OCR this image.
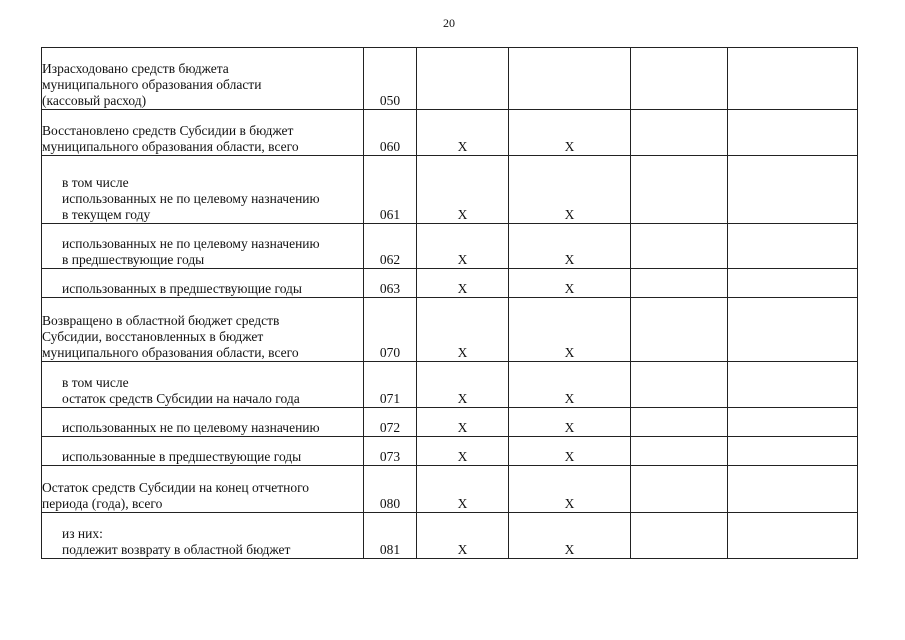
20
Израсходовано средств бюджета
муниципального образования области
(кассовый расход)	050				

Восстановлено средств Субсидии в бюджет
муниципального образования области, всего	060	Х	Х		

в том числе
использованных не по целевому назначению
в текущем году	061	Х	Х		

использованных не по целевому назначению
в предшествующие годы	062	Х	Х		

использованных в предшествующие годы	063	Х	Х		

Возвращено в областной бюджет средств
Субсидии, восстановленных в бюджет
муниципального образования области, всего	070	Х	Х		

в том числе
остаток средств Субсидии на начало года	071	Х	Х		

использованных не по целевому назначению	072	Х	Х		

использованные в предшествующие годы	073	Х	Х		

Остаток средств Субсидии на конец отчетного
периода (года), всего	080	Х	Х		

из них:
подлежит возврату в областной бюджет	081	Х	Х		
